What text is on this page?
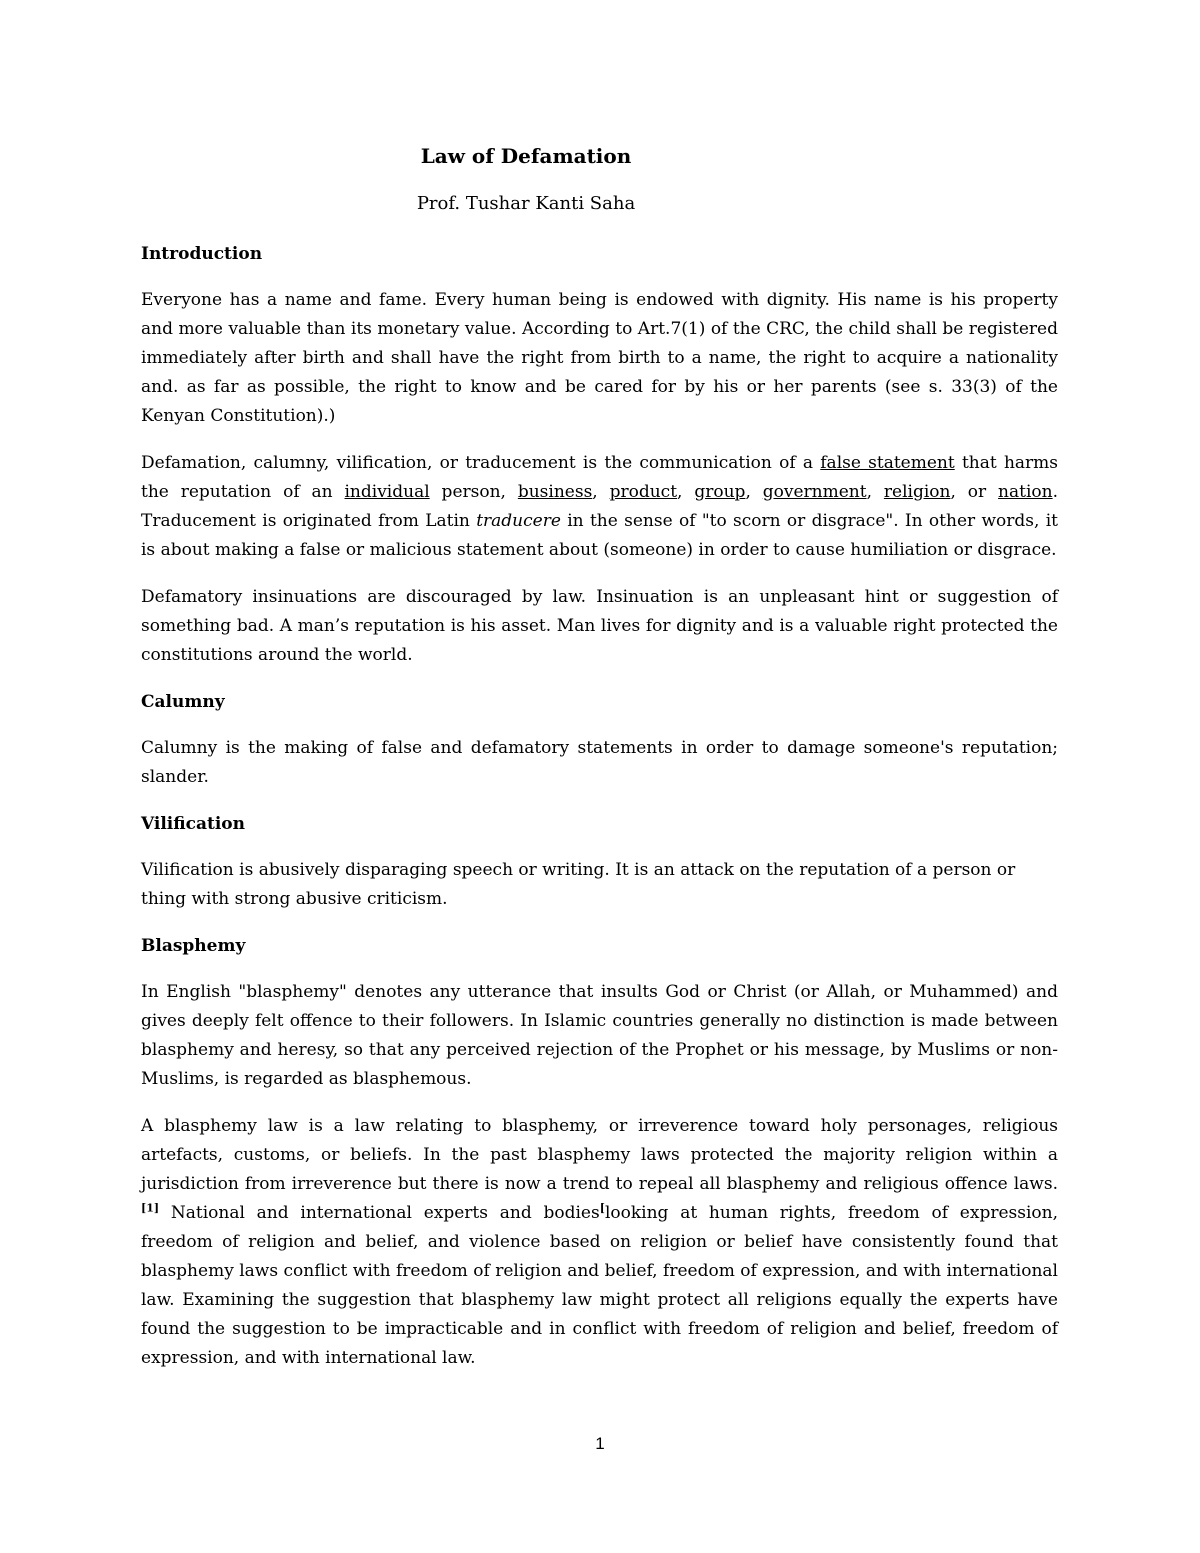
Law of Defamation
Prof. Tushar Kanti Saha
Introduction

Everyone has a name and fame. Every human being is endowed with dignity. His name is his property and more valuable than its monetary value. According to Art.7(1) of the CRC, the child shall be registered immediately after birth and shall have the right from birth to a name, the right to acquire a nationality and. as far as possible, the right to know and be cared for by his or her parents (see s. 33(3) of the Kenyan Constitution).)

Defamation, calumny, vilification, or traducement is the communication of a false statement that harms the reputation of an individual person, business, product, group, government, religion, or nation. Traducement is originated from Latin traducere in the sense of "to scorn or disgrace". In other words, it is about making a false or malicious statement about (someone) in order to cause humiliation or disgrace.

Defamatory insinuations are discouraged by law. Insinuation is an unpleasant hint or suggestion of something bad. A man’s reputation is his asset. Man lives for dignity and is a valuable right protected the constitutions around the world.

Calumny

Calumny is the making of false and defamatory statements in order to damage someone's reputation; slander.

Vilification

Vilification is abusively disparaging speech or writing. It is an attack on the reputation of a person or thing with strong abusive criticism.

Blasphemy

In English "blasphemy" denotes any utterance that insults God or Christ (or Allah, or Muhammed) and gives deeply felt offence to their followers. In Islamic countries generally no distinction is made between blasphemy and heresy, so that any perceived rejection of the Prophet or his message, by Muslims or non-Muslims, is regarded as blasphemous.

A blasphemy law is a law relating to blasphemy, or irreverence toward holy personages, religious artefacts, customs, or beliefs. In the past blasphemy laws protected the majority religion within a jurisdiction from irreverence but there is now a trend to repeal all blasphemy and religious offence laws. [1] National and international experts and bodies[looking at human rights, freedom of expression, freedom of religion and belief, and violence based on religion or belief have consistently found that blasphemy laws conflict with freedom of religion and belief, freedom of expression, and with international law. Examining the suggestion that blasphemy law might protect all religions equally the experts have found the suggestion to be impracticable and in conflict with freedom of religion and belief, freedom of expression, and with international law.

1
